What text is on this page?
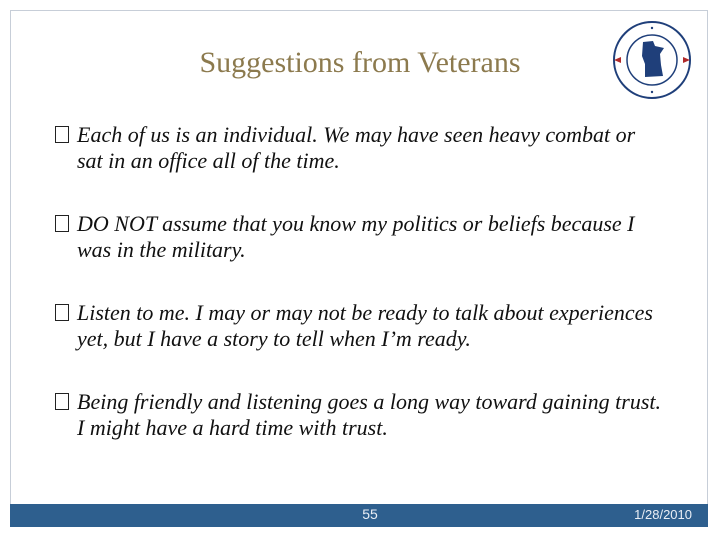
Suggestions from Veterans
Each of us is an individual. We may have seen heavy combat or sat in an office all of the time.
DO NOT assume that you know my politics or beliefs because I was in the military.
Listen to me. I may or may not be ready to talk about experiences yet, but I have a story to tell when I’m ready.
Being friendly and listening goes a long way toward gaining trust. I might have a hard time with trust.
55	1/28/2010
